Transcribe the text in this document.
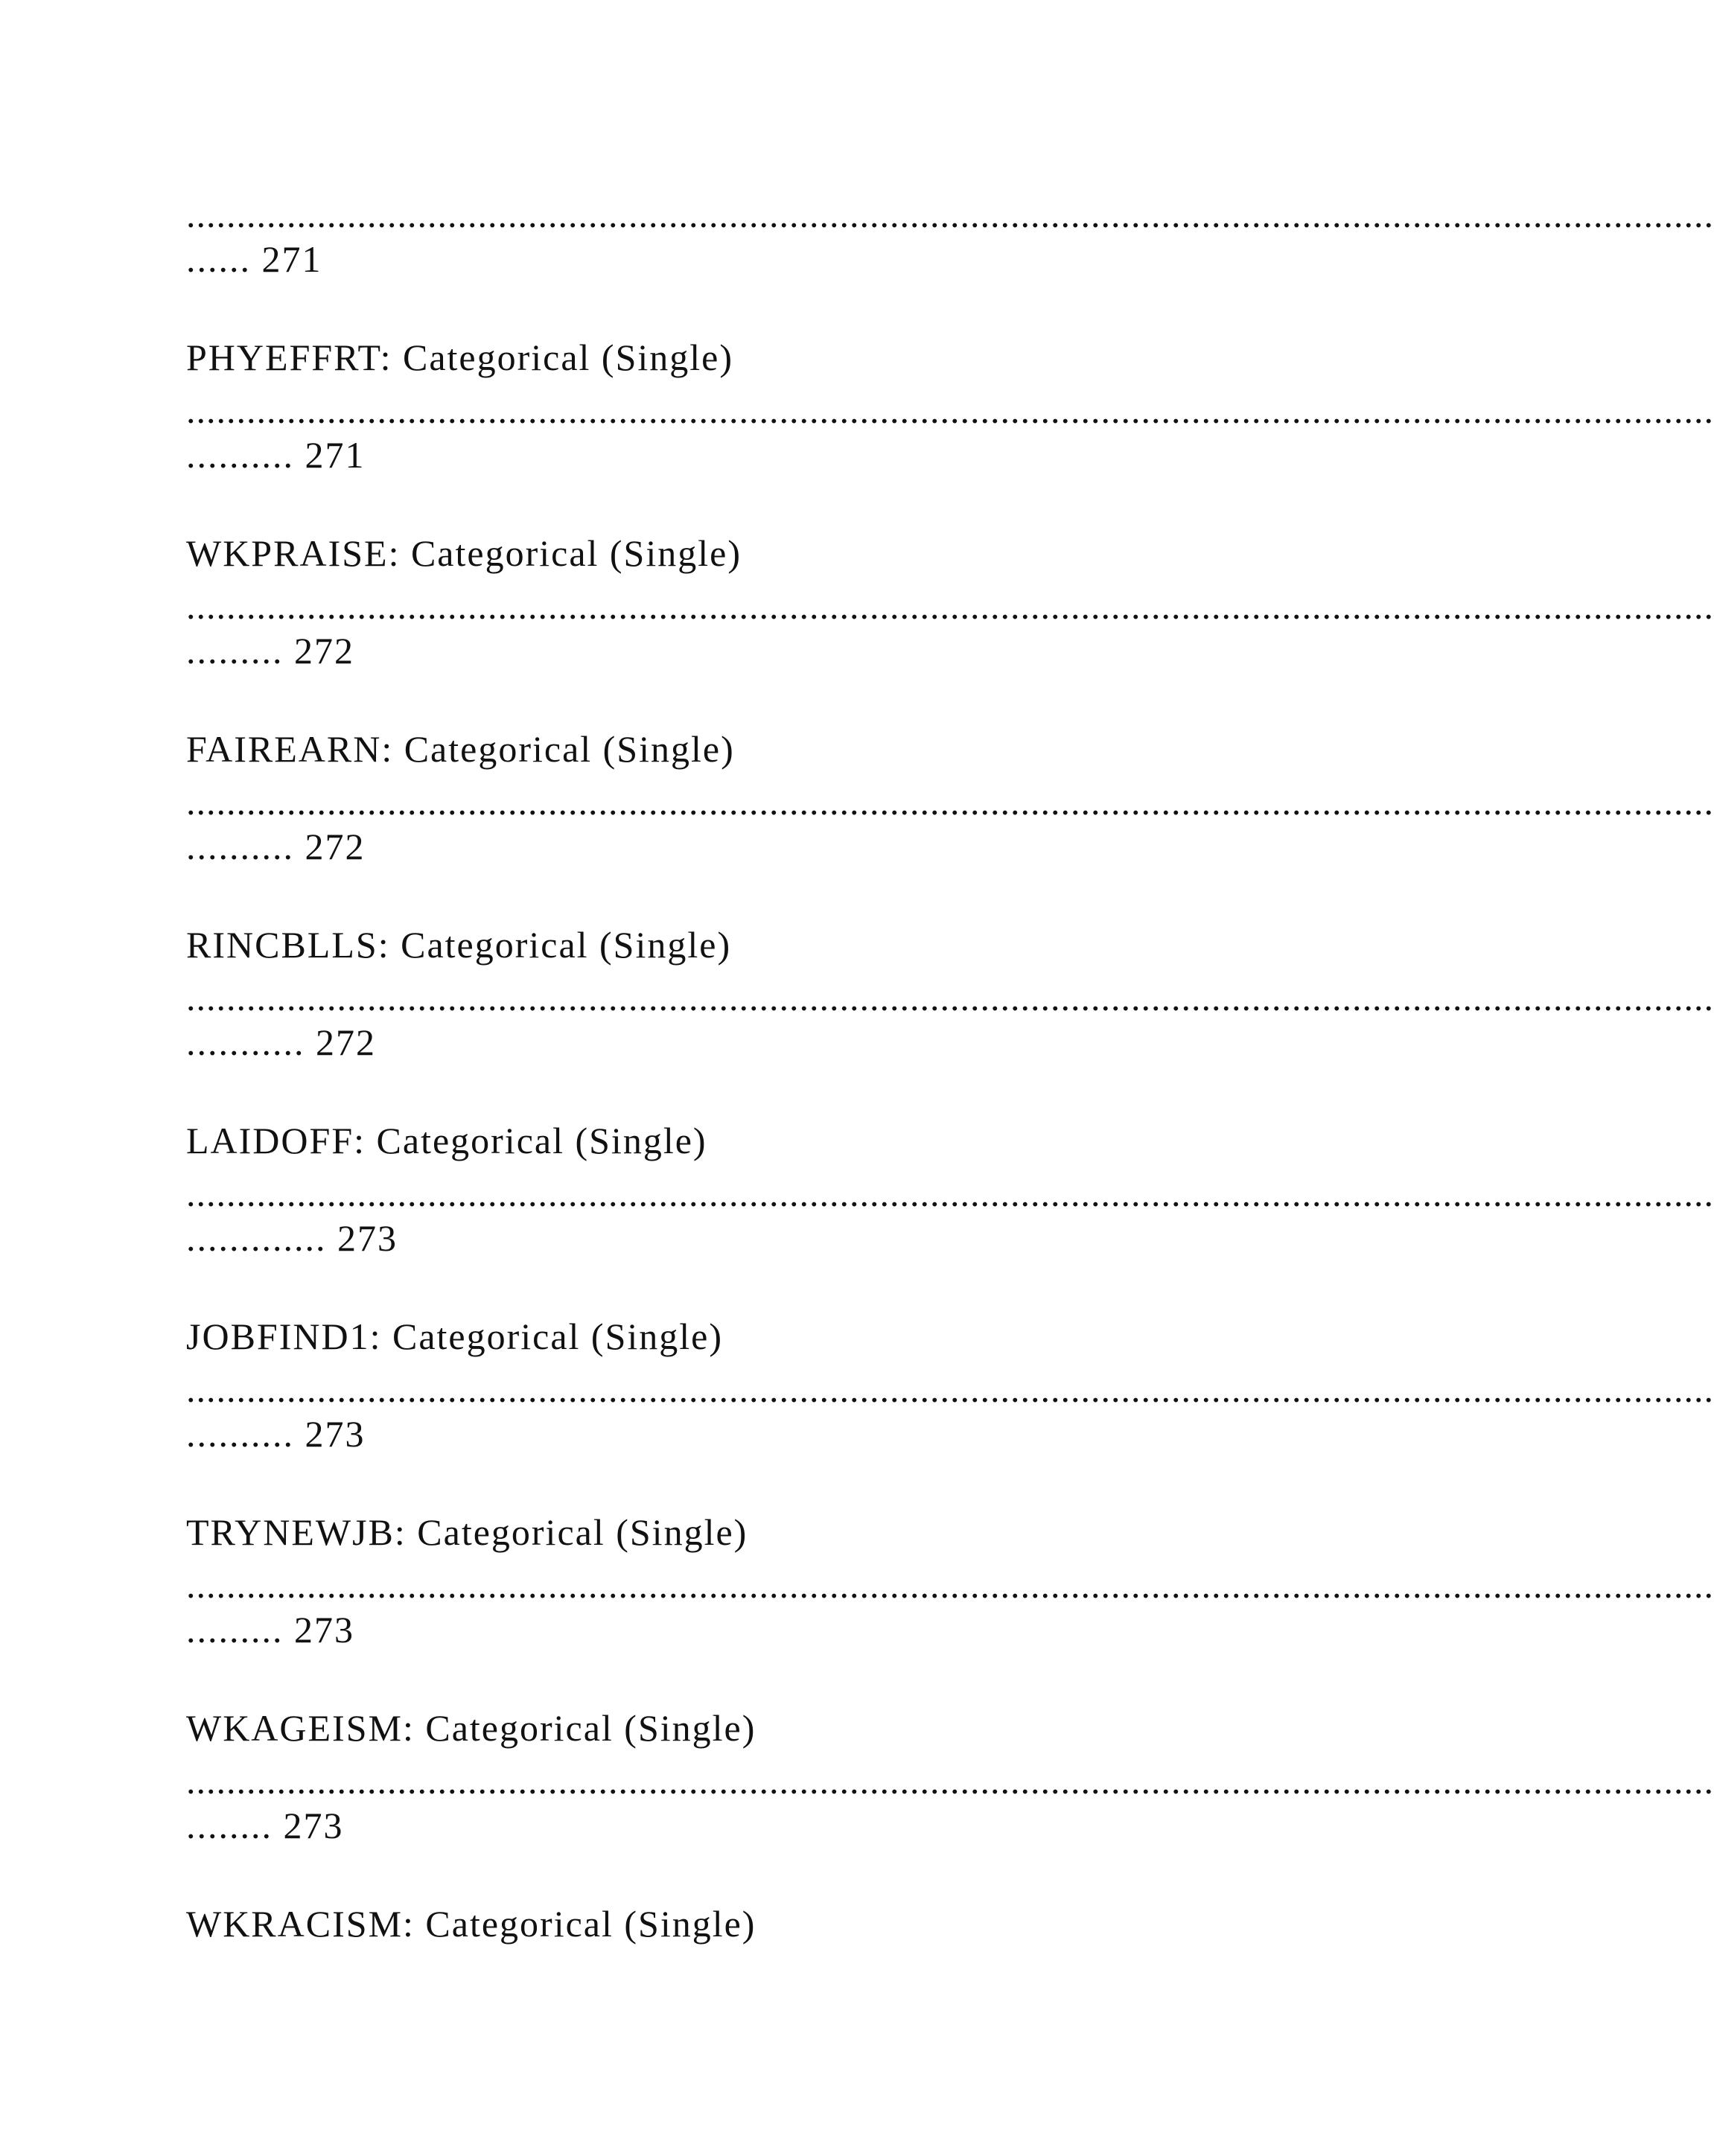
........................................................................................................................................................
...... 271
PHYEFFRT: Categorical (Single)
........................................................................................................................................................
.......... 271
WKPRAISE: Categorical (Single)
........................................................................................................................................................
......... 272
FAIREARN: Categorical (Single)
........................................................................................................................................................
.......... 272
RINCBLLS: Categorical (Single)
........................................................................................................................................................
........... 272
LAIDOFF: Categorical (Single)
........................................................................................................................................................
............. 273
JOBFIND1: Categorical (Single)
........................................................................................................................................................
.......... 273
TRYNEWJB: Categorical (Single)
........................................................................................................................................................
......... 273
WKAGEISM: Categorical (Single)
........................................................................................................................................................
........ 273
WKRACISM: Categorical (Single)
